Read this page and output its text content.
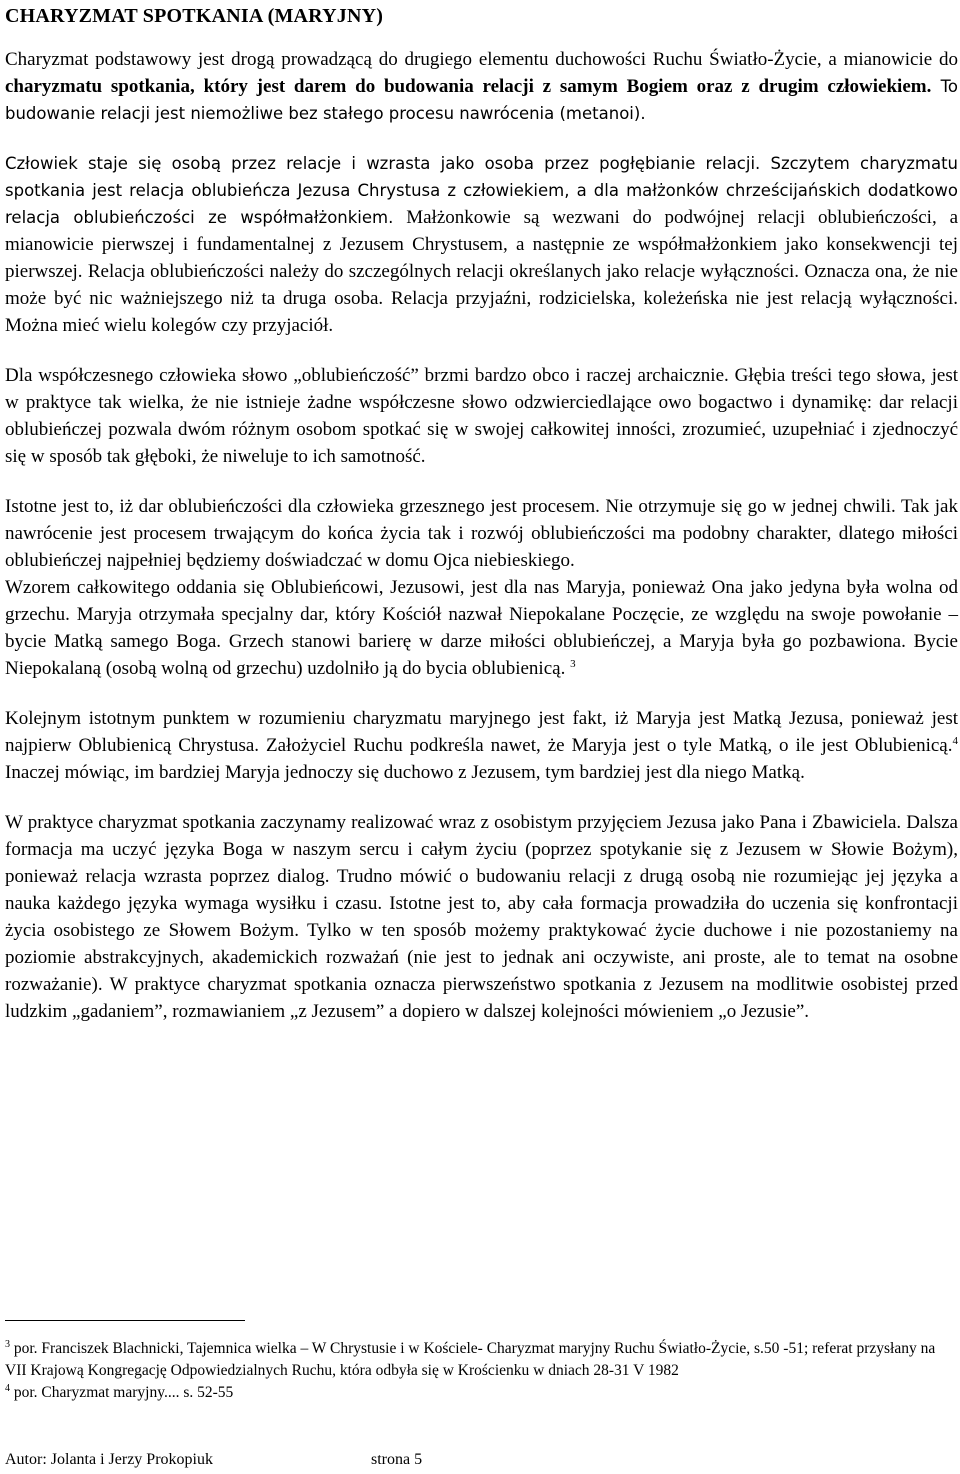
CHARYZMAT SPOTKANIA (MARYJNY)

Charyzmat podstawowy jest drogą prowadzącą do drugiego elementu duchowości Ruchu Światło-Życie, a mianowicie do charyzmatu spotkania, który jest darem do budowania relacji z samym Bogiem oraz z drugim człowiekiem. To budowanie relacji jest niemożliwe bez stałego procesu nawrócenia (metanoi).

Człowiek staje się osobą przez relacje i wzrasta jako osoba przez pogłębianie relacji. Szczytem charyzmatu spotkania jest relacja oblubieńcza Jezusa Chrystusa z człowiekiem, a dla małżonków chrześcijańskich dodatkowo relacja oblubieńczości ze współmałżonkiem. Małżonkowie są wezwani do podwójnej relacji oblubieńczości, a mianowicie pierwszej i fundamentalnej z Jezusem Chrystusem, a następnie ze współmałżonkiem jako konsekwencji tej pierwszej. Relacja oblubieńczości należy do szczególnych relacji określanych jako relacje wyłączności. Oznacza ona, że nie może być nic ważniejszego niż ta druga osoba. Relacja przyjaźni, rodzicielska, koleżeńska nie jest relacją wyłączności. Można mieć wielu kolegów czy przyjaciół.

Dla współczesnego człowieka słowo „oblubieńczość” brzmi bardzo obco i raczej archaicznie. Głębia treści tego słowa, jest w praktyce tak wielka, że nie istnieje żadne współczesne słowo odzwierciedlające owo bogactwo i dynamikę: dar relacji oblubieńczej pozwala dwóm różnym osobom spotkać się w swojej całkowitej inności, zrozumieć, uzupełniać i zjednoczyć się w sposób tak głęboki, że niweluje to ich samotność.

Istotne jest to, iż dar oblubieńczości dla człowieka grzesznego jest procesem. Nie otrzymuje się go w jednej chwili. Tak jak nawrócenie jest procesem trwającym do końca życia tak i rozwój oblubieńczości ma podobny charakter, dlatego miłości oblubieńczej najpełniej będziemy doświadczać w domu Ojca niebieskiego.

Wzorem całkowitego oddania się Oblubieńcowi, Jezusowi, jest dla nas Maryja, ponieważ Ona jako jedyna była wolna od grzechu. Maryja otrzymała specjalny dar, który Kościół nazwał Niepokalane Poczęcie, ze względu na swoje powołanie – bycie Matką samego Boga. Grzech stanowi barierę w darze miłości oblubieńczej, a Maryja była go pozbawiona. Bycie Niepokalaną (osobą wolną od grzechu) uzdolniło ją do bycia oblubienicą. $^3$

Kolejnym istotnym punktem w rozumieniu charyzmatu maryjnego jest fakt, iż Maryja jest Matką Jezusa, ponieważ jest najpierw Oblubienicą Chrystusa. Założyciel Ruchu podkreśla nawet, że Maryja jest o tyle Matką, o ile jest Oblubienicą.$^4$ Inaczej mówiąc, im bardziej Maryja jednoczy się duchowo z Jezusem, tym bardziej jest dla niego Matką.

W praktyce charyzmat spotkania zaczynamy realizować wraz z osobistym przyjęciem Jezusa jako Pana i Zbawiciela. Dalsza formacja ma uczyć języka Boga w naszym sercu i całym życiu (poprzez spotykanie się z Jezusem w Słowie Bożym), ponieważ relacja wzrasta poprzez dialog. Trudno mówić o budowaniu relacji z drugą osobą nie rozumiejąc jej języka a nauka każdego języka wymaga wysiłku i czasu. Istotne jest to, aby cała formacja prowadziła do uczenia się konfrontacji życia osobistego ze Słowem Bożym. Tylko w ten sposób możemy praktykować życie duchowe i nie pozostaniemy na poziomie abstrakcyjnych, akademickich rozważań (nie jest to jednak ani oczywiste, ani proste, ale to temat na osobne rozważanie). W praktyce charyzmat spotkania oznacza pierwszeństwo spotkania z Jezusem na modlitwie osobistej przed ludzkim „gadaniem”, rozmawianiem „z Jezusem” a dopiero w dalszej kolejności mówieniem „o Jezusie”.

$^3$ por. Franciszek Blachnicki, Tajemnica wielka – W Chrystusie i w Kościele- Charyzmat maryjny Ruchu Światło-Życie, s.50 -51; referat przysłany na VII Krajową Kongregację Odpowiedzialnych Ruchu, która odbyła się w Krościenku w dniach 28-31 V 1982
$^4$ por. Charyzmat maryjny.... s. 52-55
Autor: Jolanta i Jerzy Prokopiuk	strona 5
